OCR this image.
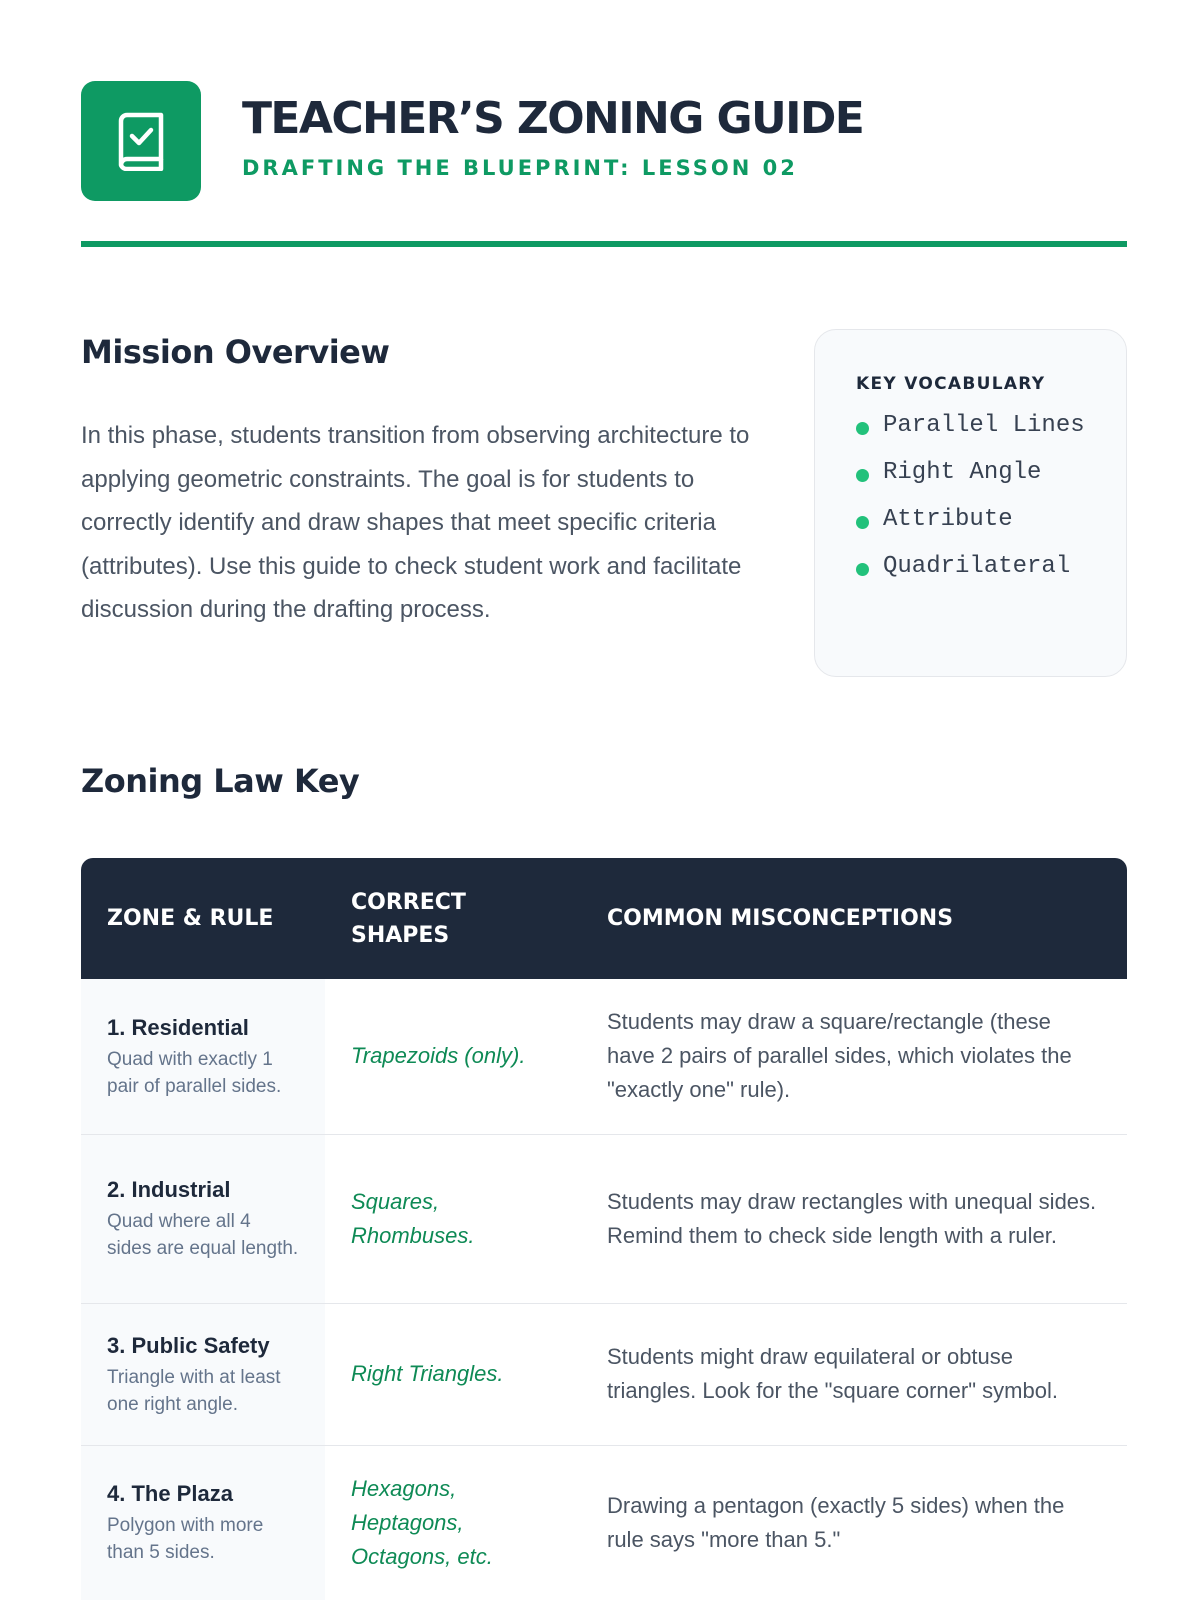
TEACHER’S ZONING GUIDE
DRAFTING THE BLUEPRINT: LESSON 02
Mission Overview

In this phase, students transition from observing architecture to applying geometric constraints. The goal is for students to correctly identify and draw shapes that meet specific criteria (attributes). Use this guide to check student work and facilitate discussion during the drafting process.

KEY VOCABULARY
Parallel Lines
Right Angle
Attribute
Quadrilateral
Zoning Law Key
ZONE & RULE	CORRECT SHAPES	COMMON MISCONCEPTIONS

1. Residential
Quad with exactly 1 pair of parallel sides.	Trapezoids (only).	Students may draw a square/rectangle (these have 2 pairs of parallel sides, which violates the "exactly one" rule).

2. Industrial
Quad where all 4 sides are equal length.	Squares, Rhombuses.	Students may draw rectangles with unequal sides. Remind them to check side length with a ruler.

3. Public Safety
Triangle with at least one right angle.	Right Triangles.	Students might draw equilateral or obtuse triangles. Look for the "square corner" symbol.

4. The Plaza
Polygon with more than 5 sides.	Hexagons, Heptagons, Octagons, etc.	Drawing a pentagon (exactly 5 sides) when the rule says "more than 5."
